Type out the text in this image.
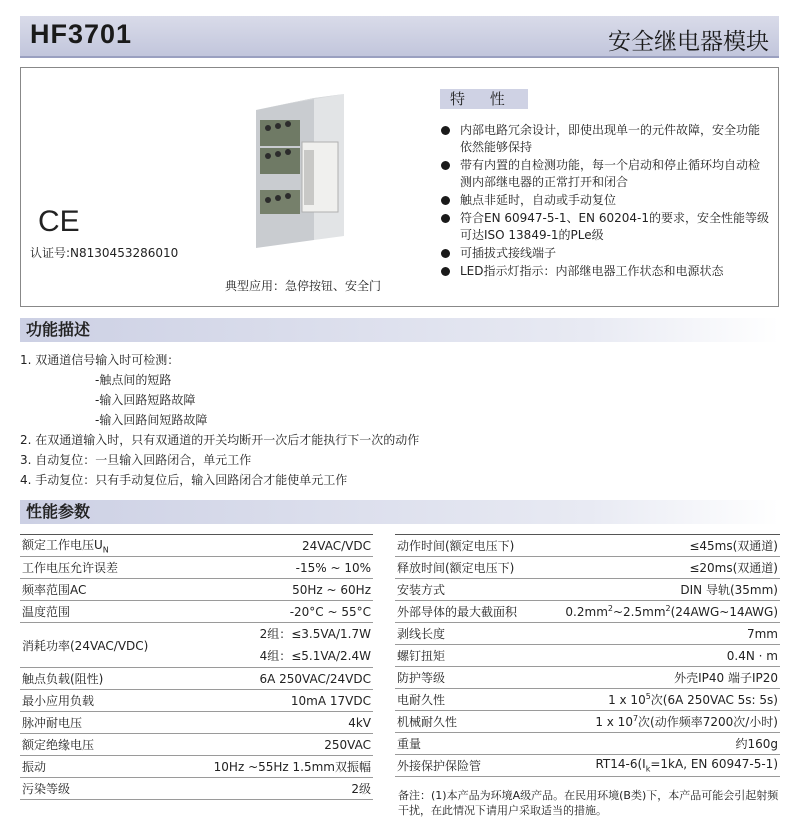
HF3701	安全继电器模块
CE
认证号:N8130453286010
典型应用：急停按钮、安全门
特 性
内部电路冗余设计，即使出现单一的元件故障，安全功能依然能够保持
带有内置的自检测功能，每一个启动和停止循环均自动检测内部继电器的正常打开和闭合
触点非延时，自动或手动复位
符合EN 60947-5-1、EN 60204-1的要求，安全性能等级可达ISO 13849-1的PLe级
可插拔式接线端子
LED指示灯指示：内部继电器工作状态和电源状态
功能描述
1. 双通道信号输入时可检测：
-触点间的短路
-输入回路短路故障
-输入回路间短路故障
2. 在双通道输入时，只有双通道的开关均断开一次后才能执行下一次的动作
3. 自动复位：一旦输入回路闭合，单元工作
4. 手动复位：只有手动复位后，输入回路闭合才能使单元工作
性能参数
额定工作电压$U_N$	24VAC/VDC
工作电压允许误差	-15% ~ 10%
频率范围AC	50Hz ~ 60Hz
温度范围	-20°C ~ 55°C
消耗功率(24VAC/VDC)	2组：≤3.5VA/1.7W
4组：≤5.1VA/2.4W

触点负载(阻性)	6A 250VAC/24VDC
最小应用负载	10mA 17VDC
脉冲耐电压	4kV
额定绝缘电压	250VAC
振动	10Hz ~55Hz 1.5mm双振幅
污染等级	2级
动作时间(额定电压下)	≤45ms(双通道)
释放时间(额定电压下)	≤20ms(双通道)
安装方式	DIN 导轨(35mm)
外部导体的最大截面积	$0.2mm^2\sim 2.5mm^2(24AWG\sim 14AWG)$
剥线长度	7mm
螺钉扭矩	0.4N · m
防护等级	外壳IP40 端子IP20
电耐久性	1 x $10^5$次(6A 250VAC 5s: 5s)
机械耐久性	1 x $10^7$次(动作频率7200次/小时)
重量	约160g
外接保护保险管	$RT14-6(I_k=1kA$, EN 60947-5-1)
备注：(1)本产品为环境A级产品。在民用环境(B类)下，本产品可能会引起射频干扰，在此情况下请用户采取适当的措施。
